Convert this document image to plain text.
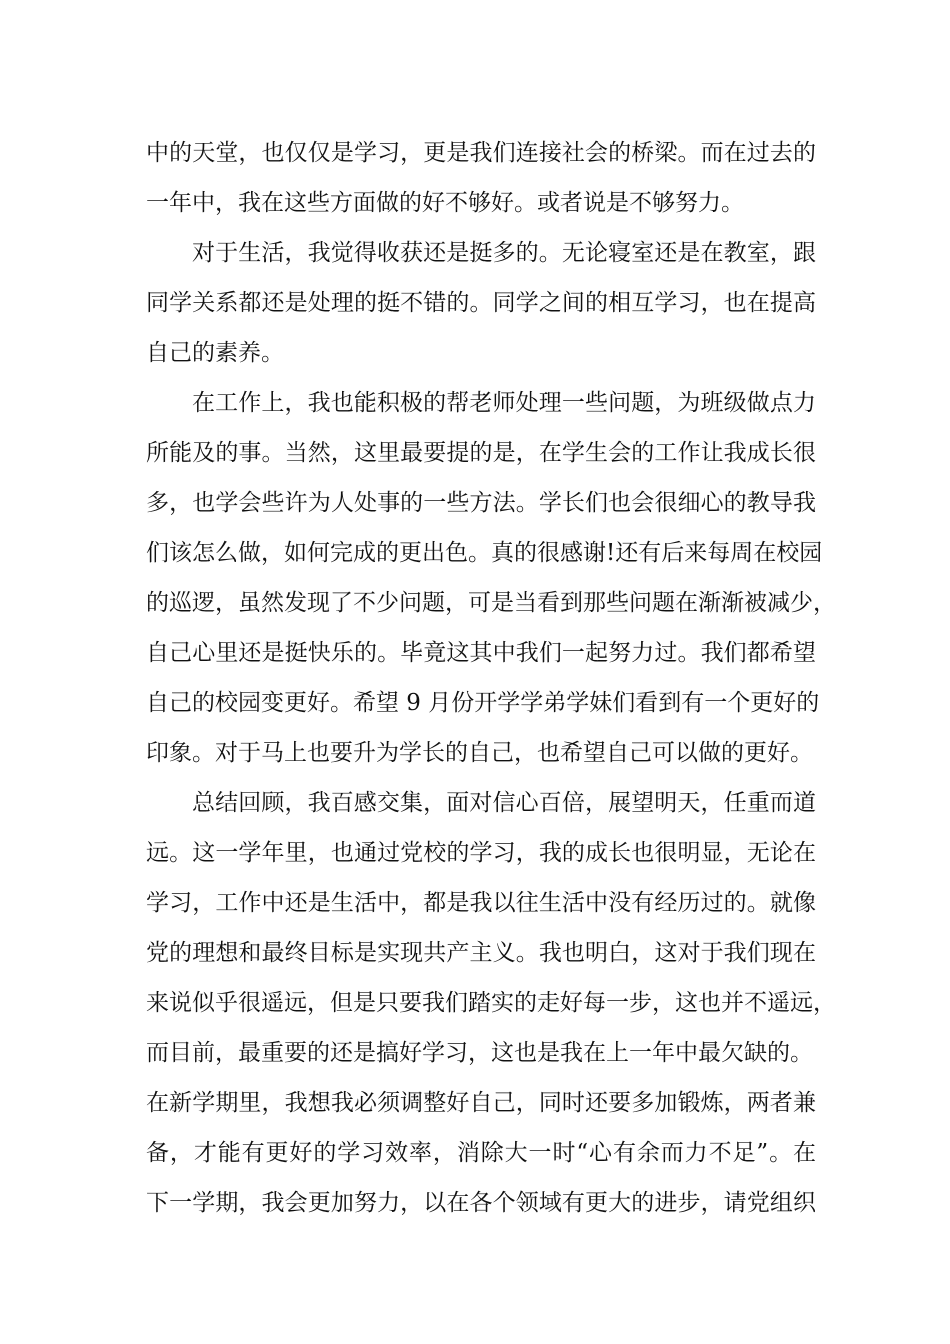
中的天堂，也仅仅是学习，更是我们连接社会的桥梁。而在过去的
一年中，我在这些方面做的好不够好。或者说是不够努力。
对于生活，我觉得收获还是挺多的。无论寝室还是在教室，跟
同学关系都还是处理的挺不错的。同学之间的相互学习，也在提高
自己的素养。
在工作上，我也能积极的帮老师处理一些问题，为班级做点力
所能及的事。当然，这里最要提的是，在学生会的工作让我成长很
多，也学会些许为人处事的一些方法。学长们也会很细心的教导我
们该怎么做，如何完成的更出色。真的很感谢!还有后来每周在校园
的巡逻，虽然发现了不少问题，可是当看到那些问题在渐渐被减少，
自己心里还是挺快乐的。毕竟这其中我们一起努力过。我们都希望
自己的校园变更好。希望 9 月份开学学弟学妹们看到有一个更好的
印象。对于马上也要升为学长的自己，也希望自己可以做的更好。
总结回顾，我百感交集，面对信心百倍，展望明天，任重而道
远。这一学年里，也通过党校的学习，我的成长也很明显，无论在
学习，工作中还是生活中，都是我以往生活中没有经历过的。就像
党的理想和最终目标是实现共产主义。我也明白，这对于我们现在
来说似乎很遥远，但是只要我们踏实的走好每一步，这也并不遥远，
而目前，最重要的还是搞好学习，这也是我在上一年中最欠缺的。
在新学期里，我想我必须调整好自己，同时还要多加锻炼，两者兼
备，才能有更好的学习效率，消除大一时“心有余而力不足”。在
下一学期，我会更加努力，以在各个领域有更大的进步，请党组织
